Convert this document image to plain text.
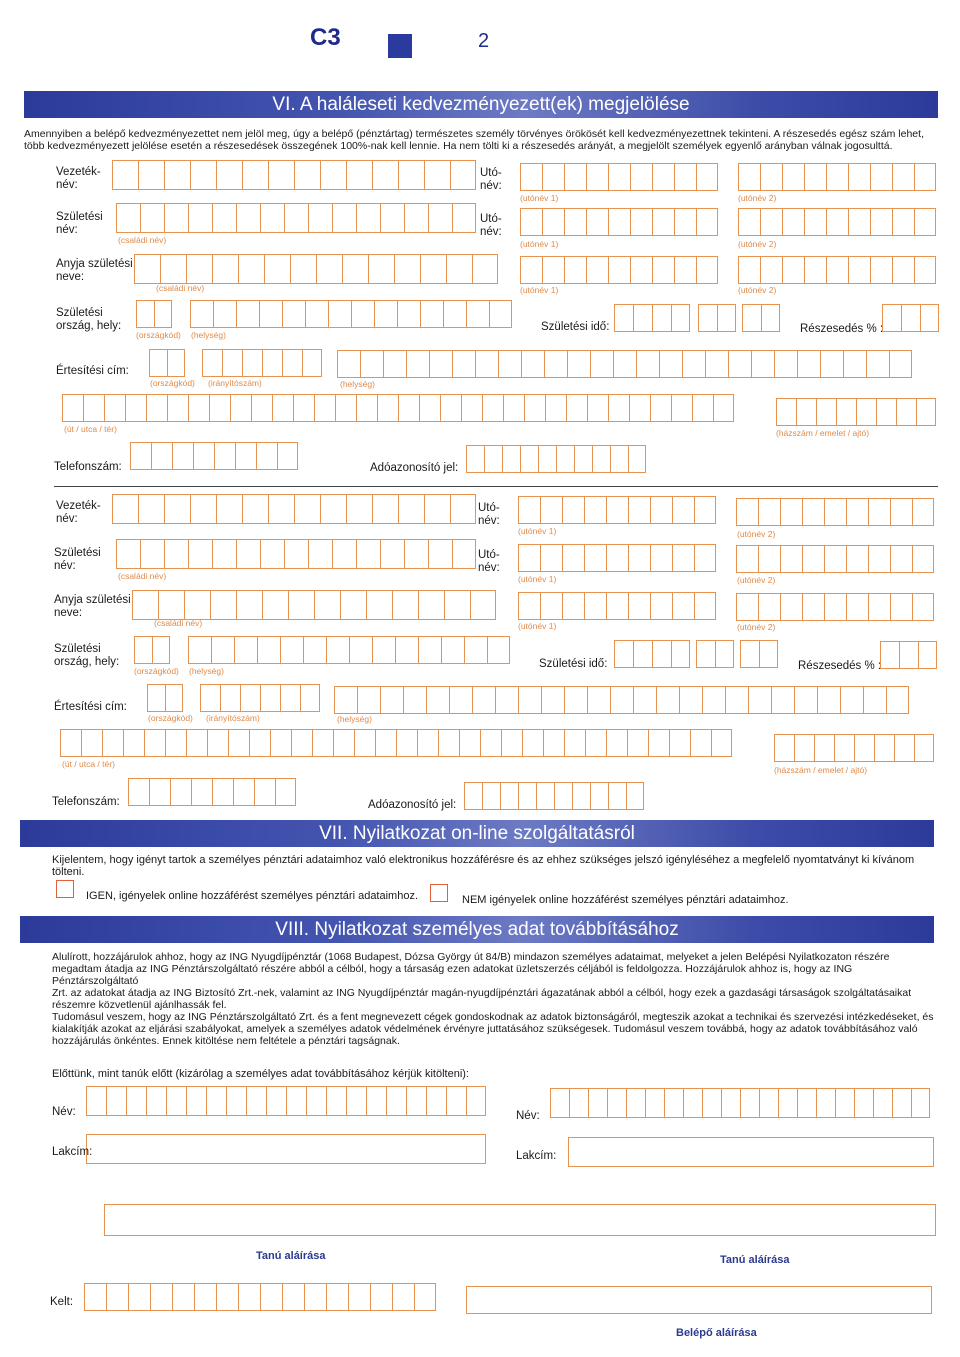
C3	2
VI. A haláleseti kedvezményezett(ek) megjelölése
Amennyiben a belépő kedvezményezettet nem jelöl meg, úgy a belépő (pénztártag) természetes személy törvényes örökösét kell kedvezményezettnek tekinteni. A részesedés egész szám lehet,
több kedvezményezett jelölése esetén a részesedések összegének 100%-nak kell lennie. Ha nem tölti ki a részesedés arányát, a megjelölt személyek egyenlő arányban válnak jogosulttá.
Vezeték-
név:
Utó-
név:
(utónév 1)	(utónév 2)
Születési
név:
(családi név)
Utó-
név:
(utónév 1)	(utónév 2)
Anyja születési
neve:
(családi név)	(utónév 1)	(utónév 2)
Születési
ország, hely:
(országkód) (helység)
Születési idő:	Részesedés % :
Értesítési cím:
(országkód) (irányítószám)	(helység)
(út / utca / tér)	(házszám / emelet / ajtó)
Telefonszám:	Adóazonosító jel:
Vezeték-
név:
Utó-
név:
(utónév 1)	(utónév 2)
Születési
név:
(családi név)
Utó-
név:
(utónév 1)	(utónév 2)
Anyja születési
neve:
(családi név)	(utónév 1)	(utónév 2)
Születési
ország, hely:
(országkód) (helység)
Születési idő:	Részesedés % :
Értesítési cím:
(országkód) (irányítószám)	(helység)
(út / utca / tér)
(házszám / emelet / ajtó)
Telefonszám:	Adóazonosító jel:
VII. Nyilatkozat on-line szolgáltatásról
Kijelentem, hogy igényt tartok a személyes pénztári adataimhoz való elektronikus hozzáférésre és az ehhez szükséges jelszó igényléséhez a megfelelő nyomtatványt ki kívánom tölteni.
IGEN, igényelek online hozzáférést személyes pénztári adataimhoz.	NEM igényelek online hozzáférést személyes pénztári adataimhoz.
VIII. Nyilatkozat személyes adat továbbításához
Alulírott, hozzájárulok ahhoz, hogy az ING Nyugdíjpénztár (1068 Budapest, Dózsa György út 84/B) mindazon személyes adataimat, melyeket a jelen Belépési Nyilatkozaton részére
megadtam átadja az ING Pénztárszolgáltató részére abból a célból, hogy a társaság ezen adatokat üzletszerzés céljából is feldolgozza. Hozzájárulok ahhoz is, hogy az ING Pénztárszolgáltató
Zrt. az adatokat átadja az ING Biztosító Zrt.-nek, valamint az ING Nyugdíjpénztár magán-nyugdíjpénztári ágazatának abból a célból, hogy ezek a gazdasági társaságok szolgáltatásaikat
részemre közvetlenül ajánlhassák fel.
Tudomásul veszem, hogy az ING Pénztárszolgáltató Zrt. és a fent megnevezett cégek gondoskodnak az adatok biztonságáról, megteszik azokat a technikai és szervezési intézkedéseket, és
kialakítják azokat az eljárási szabályokat, amelyek a személyes adatok védelmének érvényre juttatásához szükségesek. Tudomásul veszem továbbá, hogy az adatok továbbításához való
hozzájárulás önkéntes. Ennek kitöltése nem feltétele a pénztári tagságnak.
Előttünk, mint tanúk előtt (kizárólag a személyes adat továbbításához kérjük kitölteni):
Név:
Lakcím:
Név:
Lakcím:
Tanú aláírása	Tanú aláírása
Kelt:
Belépő aláírása
